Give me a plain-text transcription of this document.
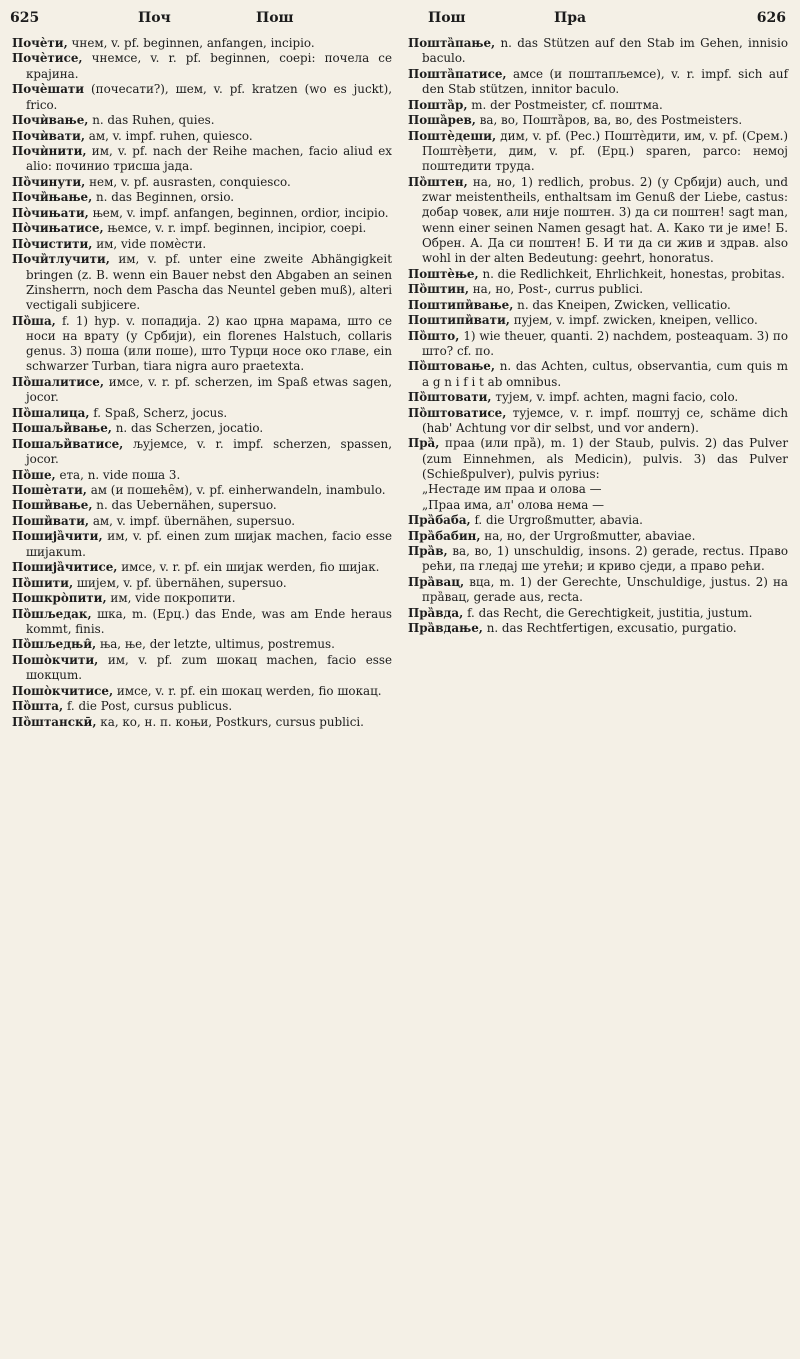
625	Поч	Пош	Пош	Пра	626
Почѐти, чнем, v. pf. beginnen, anfangen, incipio.
Почѐтисе, чнемсе, v. r. pf. beginnen, coepi: почела се крајина.
Почѐшати (почесати?), шем, v. pf. kratzen (wo es juckt), frico.
Почѝвање, n. das Ruhen, quies.
Почѝвати, ам, v. impf. ruhen, quiesco.
Почѝнити, им, v. pf. nach der Reihe machen, facio aliud ex alio: починио трисша јада.
По̏чинути, нем, v. pf. ausrasten, conquiesco.
Почи̏њање, n. das Beginnen, orsio.
По̀чињати, њем, v. impf. anfangen, beginnen, ordior, incipio.
По̀чињатисе, њемсе, v. r. impf. beginnen, incipior, coepi.
По̀чистити, им, vide помèсти.
Почи̏тлучити, им, v. pf. unter eine zweite Abhängigkeit bringen (z. B. wenn ein Bauer nebst den Abgaben an seinen Zinsherrn, noch dem Pascha das Neuntel geben muß), alteri vectigali subjicere.
По̏ша, f. 1) hyp. v. попадија. 2) као црна марама, што се носи на врату (у Србији), ein florenes Halstuch, collaris genus. 3) поша (или поше), што Турци носе око главе, ein schwarzer Turban, tiara nigra auro praetexta.
По̏шалитисе, имсе, v. r. pf. scherzen, im Spaß etwas sagen, jocor.
По̏шалица, f. Spaß, Scherz, jocus.
Пошаљи̏вање, n. das Scherzen, jocatio.
Пошаљи̏ватисе, љујемсе, v. r. impf. scherzen, spassen, jocor.
По̏ше, ета, n. vide поша 3.
Пошѐтати, ам (и пошеће̑м), v. pf. einherwandeln, inambulo.
Поши̏вање, n. das Uebernähen, supersuo.
Поши̏вати, ам, v. impf. übernähen, supersuo.
Пошија̏чити, им, v. pf. einen zum шијак machen, facio esse шијакum.
Пошија̏читисе, имсе, v. r. pf. ein шијак werden, fio шијак.
По̏шити, шијем, v. pf. übernähen, supersuo.
Пошкро̀пити, им, vide покропити.
По̏шљедак, шка, m. (Ерц.) das Ende, was am Ende heraus kommt, finis.
По̏шљедњи̑, ња, ње, der letzte, ultimus, postremus.
Пошо̀кчити, им, v. pf. zum шокац machen, facio esse шокцum.
Пошо̀кчитисе, имсе, v. r. pf. ein шокац werden, fio шокац.
По̏шта, f. die Post, cursus publicus.
По̏штанскӣ, ка, ко, н. п. коњи, Postkurs, cursus publici.
Пошта̏пање, n. das Stützen auf den Stab im Gehen, innisio baculo.
Пошта̏патисе, амсе (и поштапљемсе), v. r. impf. sich auf den Stab stützen, innitor baculo.
Пошта̏р, m. der Postmeister, cf. поштма.
Поша̏рев, ва, во, Пошта̏ров, ва, во, des Postmeisters.
Поштѐдеши, дим, v. pf. (Рес.) Поштѐдити, им, v. pf. (Срем.) Поштѐђети, дим, v. pf. (Ерц.) sparen, parco: немој поштедити труда.
По̏штен, на, но, 1) redlich, probus. 2) (у Србији) auch, und zwar meistentheils, enthaltsam im Genuß der Liebe, castus: добар човек, али није поштен. 3) да си поштен! sagt man, wenn einer seinen Namen gesagt hat. А. Како ти је име! Б. Обрен. А. Да си поштен! Б. И ти да си жив и здрав. also wohl in der alten Bedeutung: geehrt, honoratus.
Поштѐње, n. die Redlichkeit, Ehrlichkeit, honestas, probitas.
По̏штин, на, но, Post-, currus publici.
Поштипи̏вање, n. das Kneipen, Zwicken, vellicatio.
Поштипи̏вати, пујем, v. impf. zwicken, kneipen, vellico.
По̏што, 1) wie theuer, quanti. 2) nachdem, posteaquam. 3) по што? cf. по.
По̏штовање, n. das Achten, cultus, observantia, cum quis m a g n i f i t ab omnibus.
По̏штовати, тујем, v. impf. achten, magni facio, colo.
По̏штоватисе, тујемсе, v. r. impf. поштуј се, schäme dich (hab' Achtung vor dir selbst, und vor andern).
Пра̏, праа (или пра̏), m. 1) der Staub, pulvis. 2) das Pulver (zum Einnehmen, als Medicin), pulvis. 3) das Pulver (Schießpulver), pulvis pyrius:
„Нестаде им праа и олова —
„Праа има, ал' олова нема —
Пра̏баба, f. die Urgroßmutter, abavia.
Пра̏бабин, на, но, der Urgroßmutter, abaviae.
Пра̏в, ва, во, 1) unschuldig, insons. 2) gerade, rectus. Право рећи, па гледај ше утећи; и криво сједи, а право рећи.
Пра̏вац, вца, m. 1) der Gerechte, Unschuldige, justus. 2) на пра̏вац, gerade aus, recta.
Пра̏вда, f. das Recht, die Gerechtigkeit, justitia, justum.
Пра̏вдање, n. das Rechtfertigen, excusatio, purgatio.
